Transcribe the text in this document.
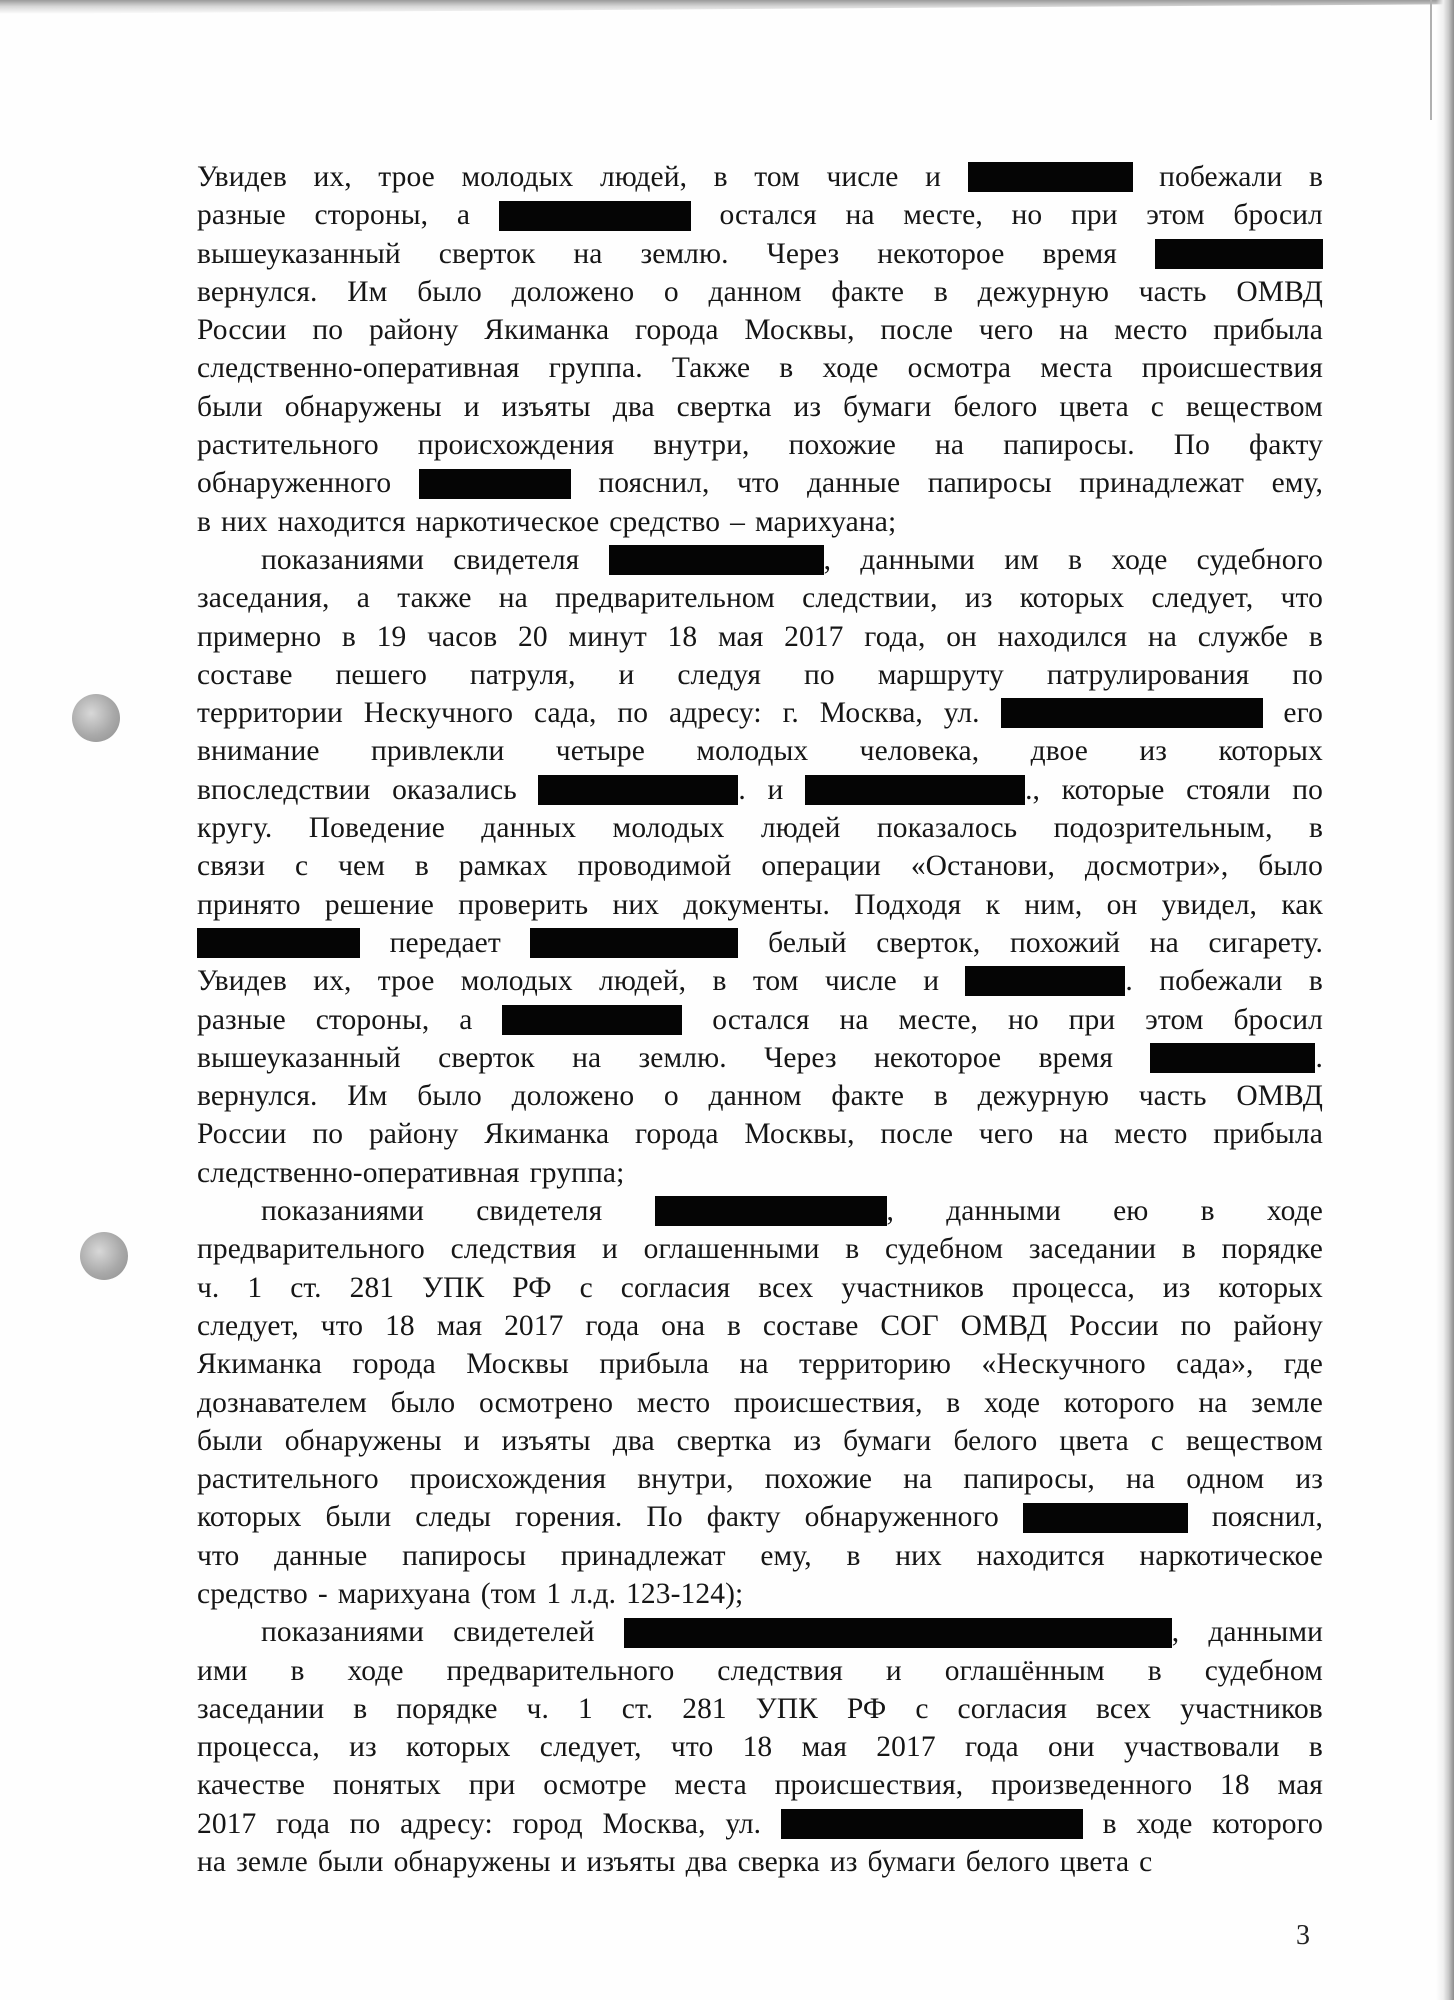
Увидев их, трое молодых людей, в том числе и	побежали в
разные стороны, а	остался на месте, но при этом бросил
вышеуказанный сверток на землю. Через некоторое время
вернулся. Им было доложено о данном факте в дежурную часть ОМВД
России по району Якиманка города Москвы, после чего на место прибыла
следственно-оперативная группа. Также в ходе осмотра места происшествия
были обнаружены и изъяты два свертка из бумаги белого цвета с веществом
растительного происхождения внутри, похожие на папиросы. По факту
обнаруженного	пояснил, что данные папиросы принадлежат ему,
в них находится наркотическое средство – марихуана;
показаниями свидетеля	, данными им в ходе судебного
заседания, а также на предварительном следствии, из которых следует, что
примерно в 19 часов 20 минут 18 мая 2017 года, он находился на службе в
составе пешего патруля, и следуя по маршруту патрулирования по
территории Нескучного сада, по адресу: г. Москва, ул.	его
внимание привлекли четыре молодых человека, двое из которых
впоследствии оказались	. и	., которые стояли по
кругу. Поведение данных молодых людей показалось подозрительным, в
связи с чем в рамках проводимой операции «Останови, досмотри», было
принято решение проверить них документы. Подходя к ним, он увидел, как
передает	белый сверток, похожий на сигарету.
Увидев их, трое молодых людей, в том числе и	. побежали в
разные стороны, а	остался на месте, но при этом бросил
вышеуказанный сверток на землю. Через некоторое время	.
вернулся. Им было доложено о данном факте в дежурную часть ОМВД
России по району Якиманка города Москвы, после чего на место прибыла
следственно-оперативная группа;
показаниями свидетеля	, данными ею в ходе
предварительного следствия и оглашенными в судебном заседании в порядке
ч. 1 ст. 281 УПК РФ с согласия всех участников процесса, из которых
следует, что 18 мая 2017 года она в составе СОГ ОМВД России по району
Якиманка города Москвы прибыла на территорию «Нескучного сада», где
дознавателем было осмотрено место происшествия, в ходе которого на земле
были обнаружены и изъяты два свертка из бумаги белого цвета с веществом
растительного происхождения внутри, похожие на папиросы, на одном из
которых были следы горения. По факту обнаруженного	пояснил,
что данные папиросы принадлежат ему, в них находится наркотическое
средство - марихуана (том 1 л.д. 123-124);
показаниями свидетелей	, данными
ими в ходе предварительного следствия и оглашённым в судебном
заседании в порядке ч. 1 ст. 281 УПК РФ с согласия всех участников
процесса, из которых следует, что 18 мая 2017 года они участвовали в
качестве понятых при осмотре места происшествия, произведенного 18 мая
2017 года по адресу: город Москва, ул.	в ходе которого
на земле были обнаружены и изъяты два сверка из бумаги белого цвета с
3
